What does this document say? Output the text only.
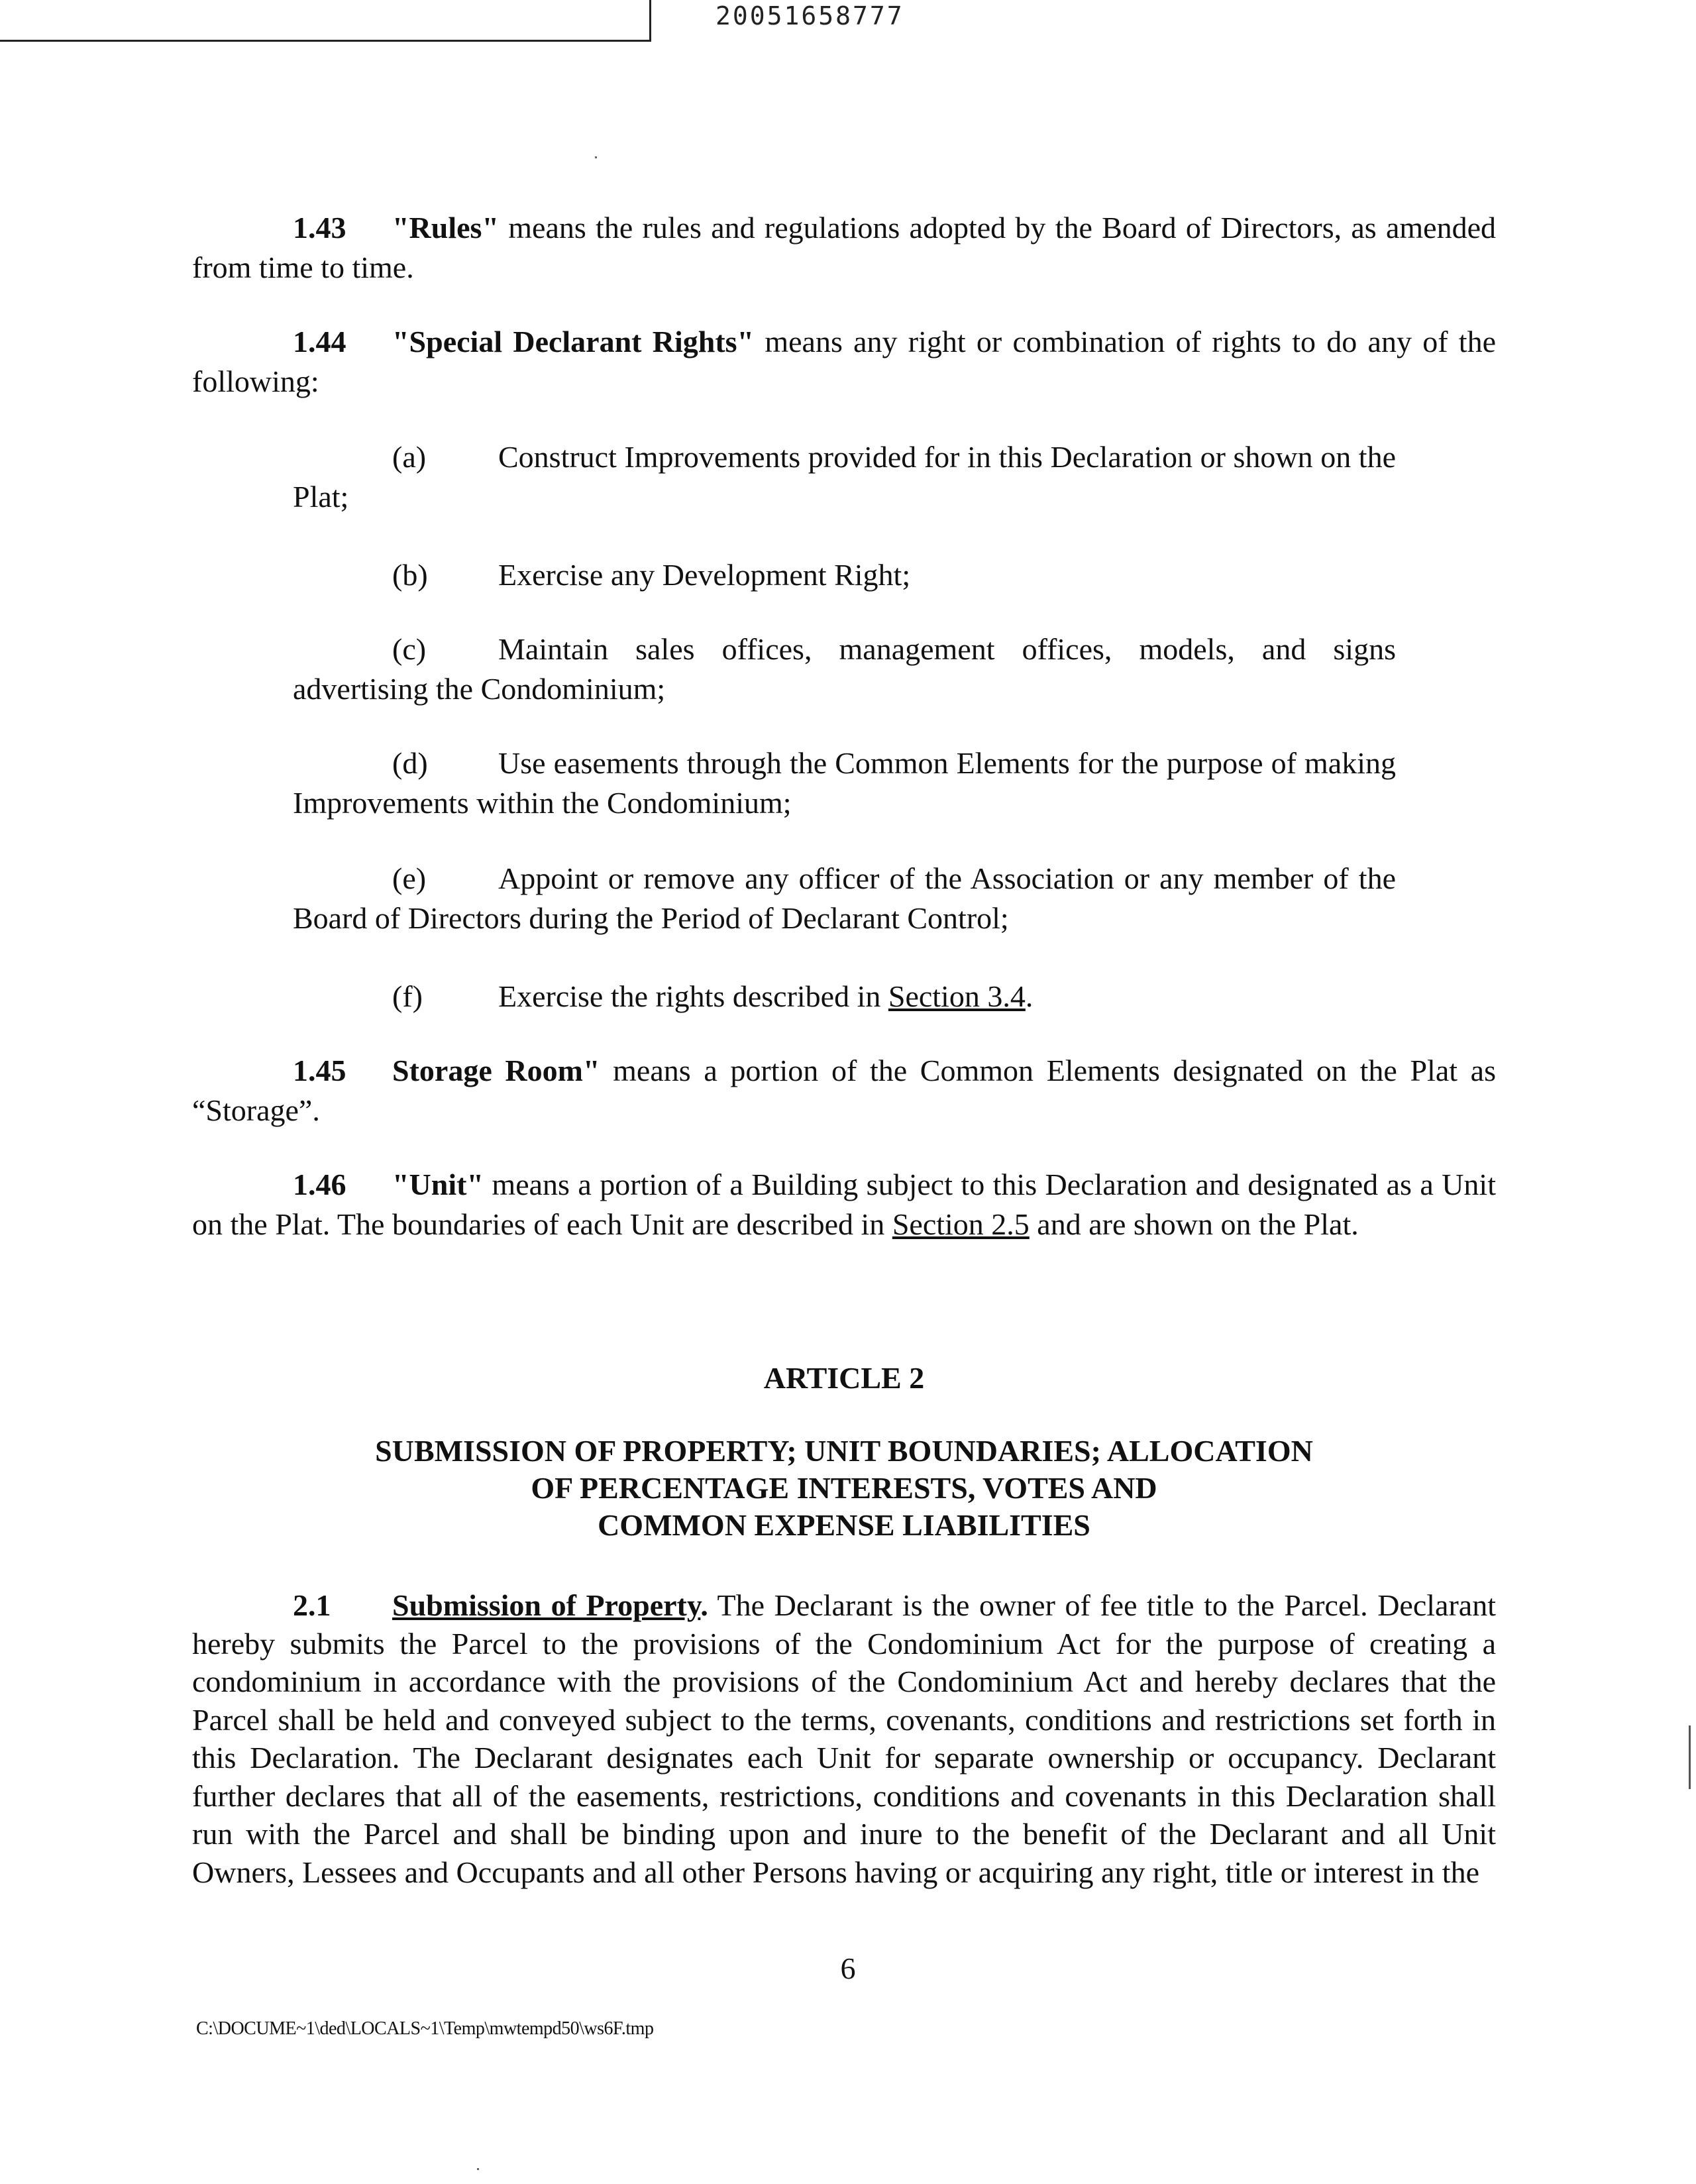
20051658777

1.43 "Rules" means the rules and regulations adopted by the Board of Directors, as amended from time to time.

1.44 "Special Declarant Rights" means any right or combination of rights to do any of the following:

(a) Construct Improvements provided for in this Declaration or shown on the Plat;

(b) Exercise any Development Right;

(c) Maintain sales offices, management offices, models, and signs advertising the Condominium;

(d) Use easements through the Common Elements for the purpose of making Improvements within the Condominium;

(e) Appoint or remove any officer of the Association or any member of the Board of Directors during the Period of Declarant Control;

(f) Exercise the rights described in Section 3.4.

1.45 Storage Room" means a portion of the Common Elements designated on the Plat as “Storage”.

1.46 "Unit" means a portion of a Building subject to this Declaration and designated as a Unit on the Plat. The boundaries of each Unit are described in Section 2.5 and are shown on the Plat.

ARTICLE 2
SUBMISSION OF PROPERTY; UNIT BOUNDARIES; ALLOCATION
OF PERCENTAGE INTERESTS, VOTES AND
COMMON EXPENSE LIABILITIES

2.1 Submission of Property. The Declarant is the owner of fee title to the Parcel. Declarant hereby submits the Parcel to the provisions of the Condominium Act for the purpose of creating a condominium in accordance with the provisions of the Condominium Act and hereby declares that the Parcel shall be held and conveyed subject to the terms, covenants, conditions and restrictions set forth in this Declaration. The Declarant designates each Unit for separate ownership or occupancy. Declarant further declares that all of the easements, restrictions, conditions and covenants in this Declaration shall run with the Parcel and shall be binding upon and inure to the benefit of the Declarant and all Unit Owners, Lessees and Occupants and all other Persons having or acquiring any right, title or interest in the

6
C:\DOCUME~1\ded\LOCALS~1\Temp\mwtempd50\ws6F.tmp
